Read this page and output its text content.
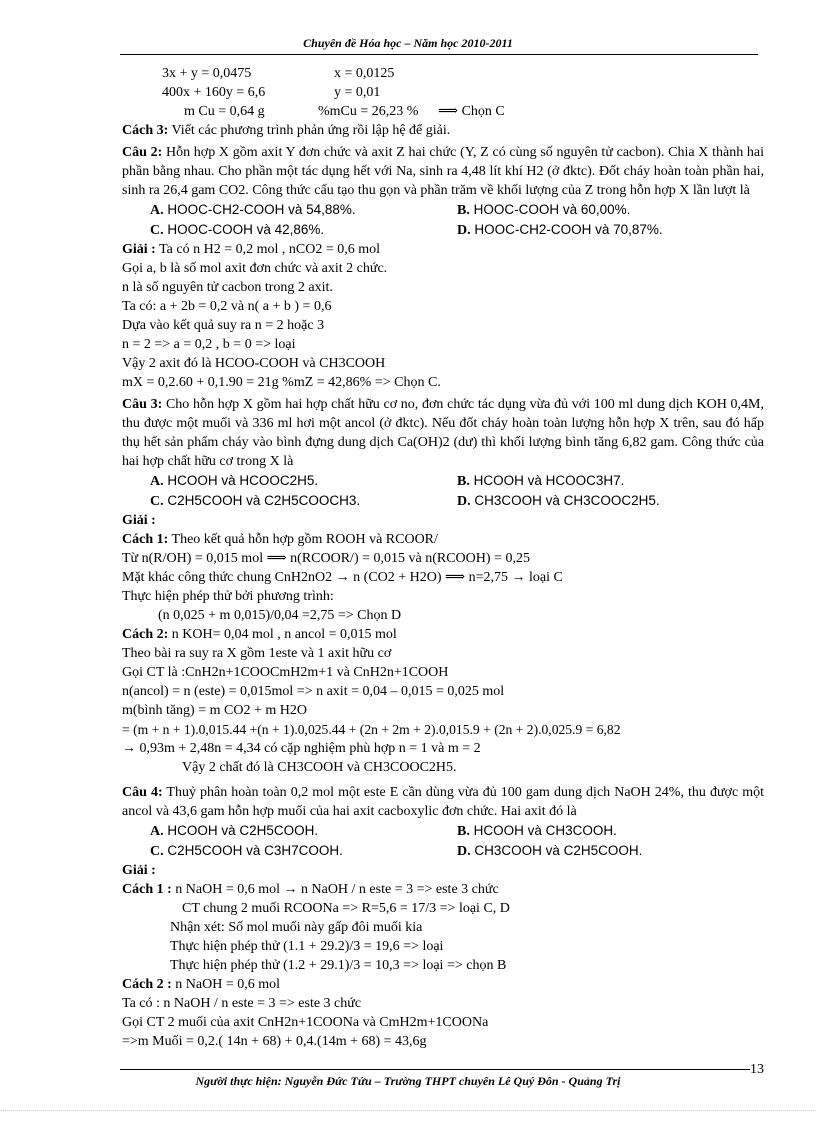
Chuyên đề Hóa học – Năm học 2010-2011
3x + y = 0,0475	x = 0,0125
400x + 160y = 6,6	y = 0,01
m Cu = 0,64 g	%mCu = 26,23 % ⟹ Chọn C
Cách 3: Viết các phương trình phản ứng rồi lập hệ để giải.
Câu 2: Hỗn hợp X gồm axit Y đơn chức và axit Z hai chức (Y, Z có cùng số nguyên tử cacbon). Chia X thành hai phần bằng nhau. Cho phần một tác dụng hết với Na, sinh ra 4,48 lít khí H2 (ở đktc). Đốt cháy hoàn toàn phần hai, sinh ra 26,4 gam CO2. Công thức cấu tạo thu gọn và phần trăm về khối lượng của Z trong hỗn hợp X lần lượt là
A. HOOC-CH2-COOH và 54,88%.	B. HOOC-COOH và 60,00%.
C. HOOC-COOH và 42,86%.	D. HOOC-CH2-COOH và 70,87%.
Giải : Ta có n H2 = 0,2 mol , nCO2 = 0,6 mol
Gọi a, b là số mol axit đơn chức và axit 2 chức.
n là số nguyên tử cacbon trong 2 axit.
Ta có: a + 2b = 0,2 và n( a + b ) = 0,6
Dựa vào kết quả suy ra n = 2 hoặc 3
n = 2 => a = 0,2 , b = 0 => loại
Vậy 2 axit đó là HCOO-COOH và CH3COOH
mX = 0,2.60 + 0,1.90 = 21g %mZ = 42,86% => Chọn C.
Câu 3: Cho hỗn hợp X gồm hai hợp chất hữu cơ no, đơn chức tác dụng vừa đủ với 100 ml dung dịch KOH 0,4M, thu được một muối và 336 ml hơi một ancol (ở đktc). Nếu đốt cháy hoàn toàn lượng hỗn hợp X trên, sau đó hấp thụ hết sản phẩm cháy vào bình đựng dung dịch Ca(OH)2 (dư) thì khối lượng bình tăng 6,82 gam. Công thức của hai hợp chất hữu cơ trong X là
A. HCOOH và HCOOC2H5.	B. HCOOH và HCOOC3H7.
C. C2H5COOH và C2H5COOCH3.	D. CH3COOH và CH3COOC2H5.
Giải :
Cách 1: Theo kết quả hỗn hợp gồm ROOH và RCOOR/
Từ n(R/OH) = 0,015 mol ⟹ n(RCOOR/) = 0,015 và n(RCOOH) = 0,25
Mặt khác công thức chung CnH2nO2 → n (CO2 + H2O) ⟹ n=2,75 → loại C
Thực hiện phép thử bởi phương trình:
(n 0,025 + m 0,015)/0,04 =2,75 => Chọn D
Cách 2: n KOH= 0,04 mol , n ancol = 0,015 mol
Theo bài ra suy ra X gồm 1este và 1 axit hữu cơ
Gọi CT là :CnH2n+1COOCmH2m+1 và CnH2n+1COOH
n(ancol) = n (este) = 0,015mol => n axit = 0,04 – 0,015 = 0,025 mol
m(bình tăng) = m CO2 + m H2O
= (m + n + 1).0,015.44 +(n + 1).0,025.44 + (2n + 2m + 2).0,015.9 + (2n + 2).0,025.9 = 6,82
→ 0,93m + 2,48n = 4,34 có cặp nghiệm phù hợp n = 1 và m = 2
Vậy 2 chất đó là CH3COOH và CH3COOC2H5.
Câu 4: Thuỷ phân hoàn toàn 0,2 mol một este E cần dùng vừa đủ 100 gam dung dịch NaOH 24%, thu được một ancol và 43,6 gam hỗn hợp muối của hai axit cacboxylic đơn chức. Hai axit đó là
A. HCOOH và C2H5COOH.	B. HCOOH và CH3COOH.
C. C2H5COOH và C3H7COOH.	D. CH3COOH và C2H5COOH.
Giải :
Cách 1 : n NaOH = 0,6 mol → n NaOH / n este = 3 => este 3 chức
CT chung 2 muối RCOONa => R=5,6 = 17/3 => loại C, D
Nhận xét: Số mol muối này gấp đôi muối kia
Thực hiện phép thử (1.1 + 29.2)/3 = 19,6 => loại
Thực hiện phép thử (1.2 + 29.1)/3 = 10,3 => loại => chọn B
Cách 2 : n NaOH = 0,6 mol
Ta có : n NaOH / n este = 3 => este 3 chức
Gọi CT 2 muối của axit CnH2n+1COONa và CmH2m+1COONa
=>m Muối = 0,2.( 14n + 68) + 0,4.(14m + 68) = 43,6g
13
Người thực hiện: Nguyễn Đức Tứu – Trường THPT chuyên Lê Quý Đôn - Quảng Trị
